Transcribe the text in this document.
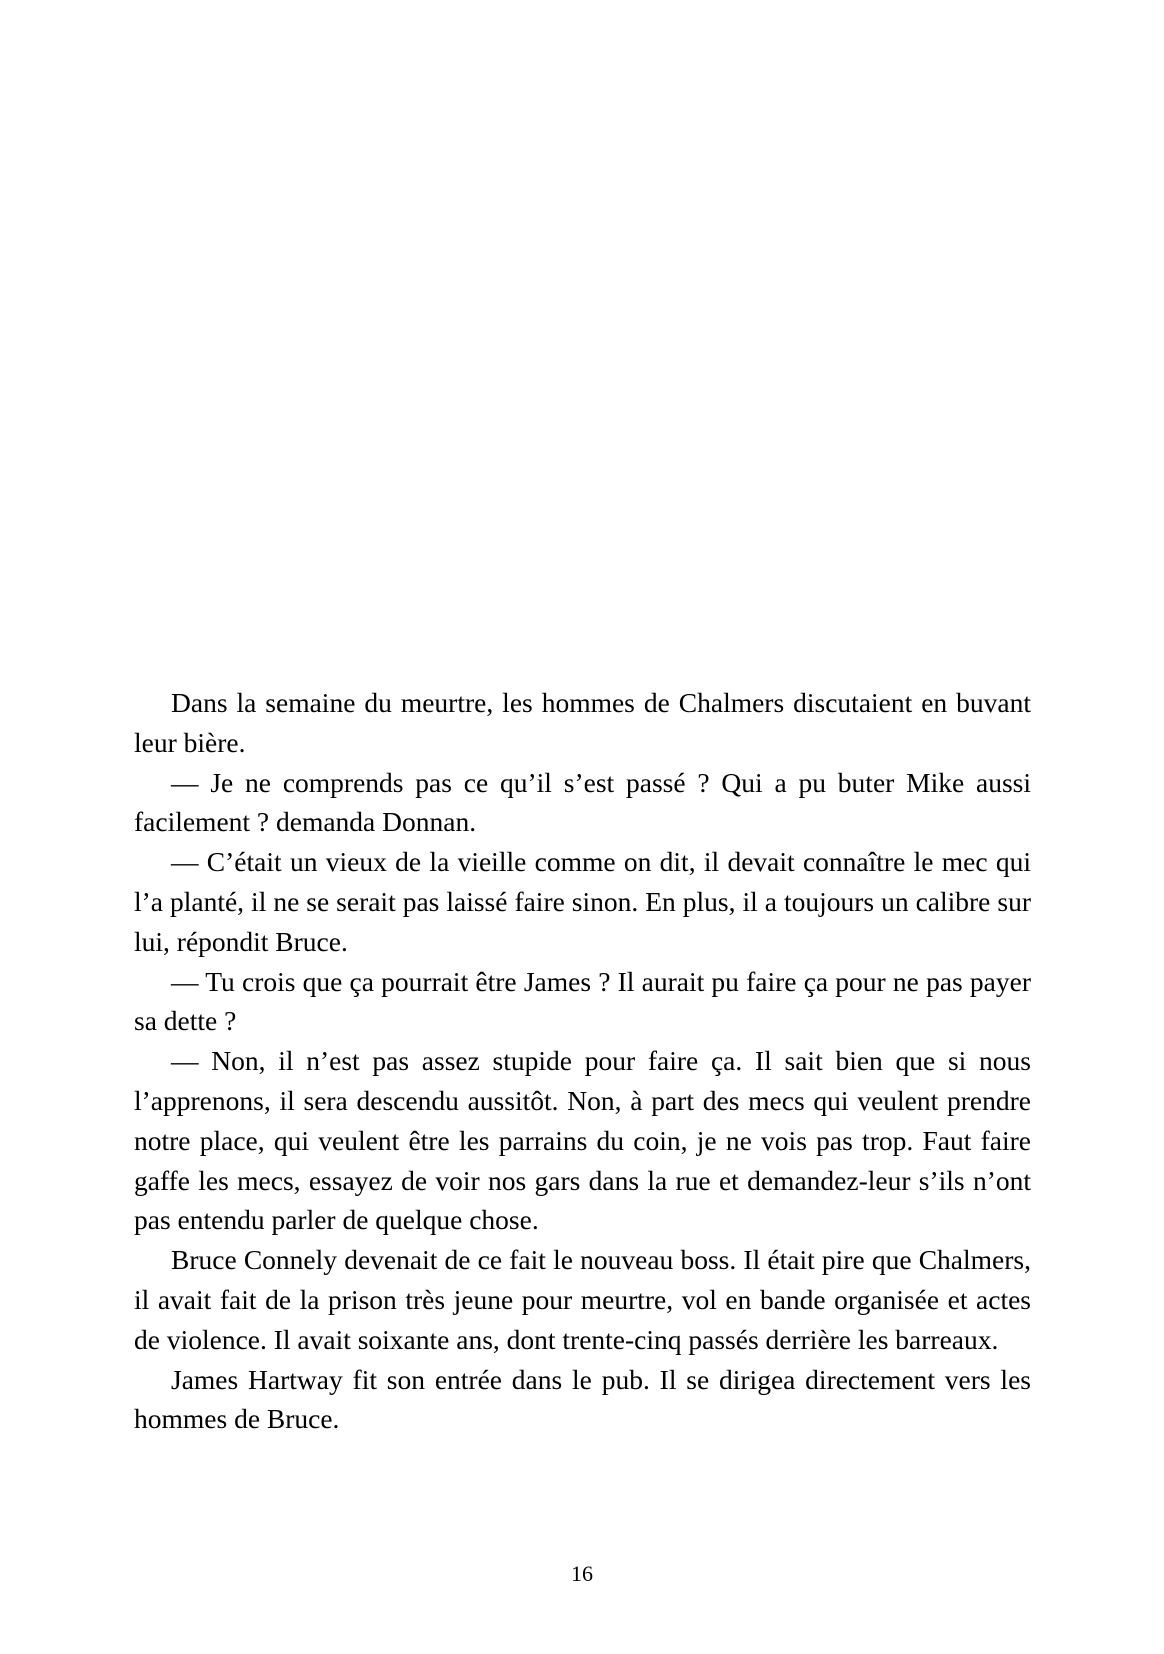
Dans la semaine du meurtre, les hommes de Chalmers discutaient en buvant leur bière.

— Je ne comprends pas ce qu’il s’est passé ? Qui a pu buter Mike aussi facilement ? demanda Donnan.

— C’était un vieux de la vieille comme on dit, il devait connaître le mec qui l’a planté, il ne se serait pas laissé faire sinon. En plus, il a toujours un calibre sur lui, répondit Bruce.

— Tu crois que ça pourrait être James ? Il aurait pu faire ça pour ne pas payer sa dette ?

— Non, il n’est pas assez stupide pour faire ça. Il sait bien que si nous l’apprenons, il sera descendu aussitôt. Non, à part des mecs qui veulent prendre notre place, qui veulent être les parrains du coin, je ne vois pas trop. Faut faire gaffe les mecs, essayez de voir nos gars dans la rue et demandez-leur s’ils n’ont pas entendu parler de quelque chose.

Bruce Connely devenait de ce fait le nouveau boss. Il était pire que Chalmers, il avait fait de la prison très jeune pour meurtre, vol en bande organisée et actes de violence. Il avait soixante ans, dont trente-cinq passés derrière les barreaux.

James Hartway fit son entrée dans le pub. Il se dirigea directement vers les hommes de Bruce.

16
